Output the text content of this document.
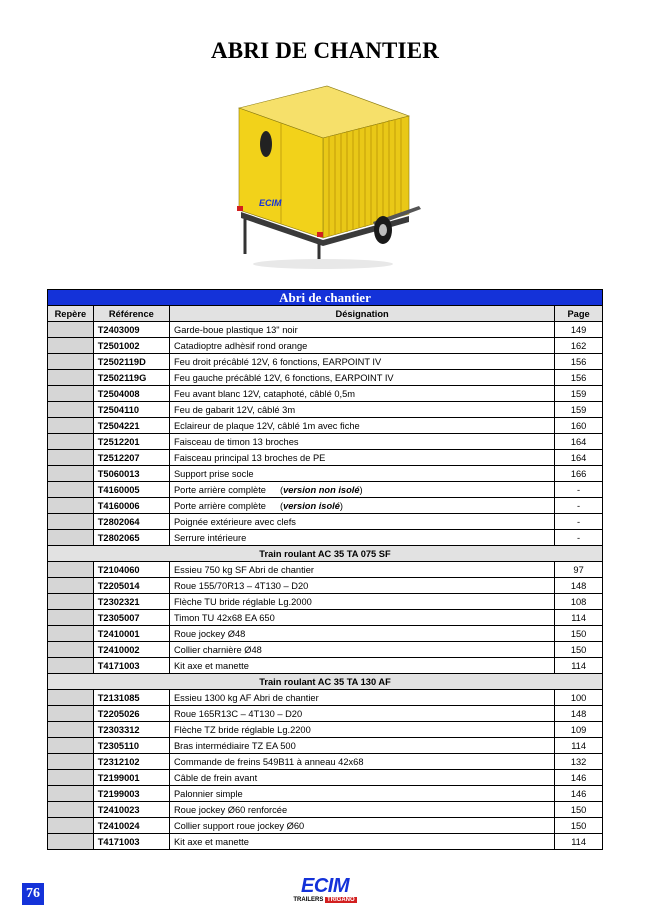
ABRI DE CHANTIER
ECIM
Abri de chantier			
Repère	Référence	Désignation	Page
	T2403009	Garde-boue plastique 13" noir	149
	T2501002	Catadioptre adhèsif rond orange	162
	T2502119D	Feu droit précâblé 12V, 6 fonctions, EARPOINT IV	156
	T2502119G	Feu gauche précâblé 12V, 6 fonctions, EARPOINT IV	156
	T2504008	Feu avant blanc 12V, cataphoté, câblé 0,5m	159
	T2504110	Feu de gabarit 12V, câblé 3m	159
	T2504221	Eclaireur de plaque 12V, câblé 1m avec fiche	160
	T2512201	Faisceau de timon 13 broches	164
	T2512207	Faisceau principal 13 broches de PE	164
	T5060013	Support prise socle	166
	T4160005	Porte arrière complète (version non isolé)	-
	T4160006	Porte arrière complète (version isolé)	-
	T2802064	Poignée extérieure avec clefs	-
	T2802065	Serrure intérieure	-
Train roulant AC 35 TA 075 SF			
	T2104060	Essieu 750 kg SF Abri de chantier	97
	T2205014	Roue 155/70R13 – 4T130 – D20	148
	T2302321	Flèche TU bride réglable Lg.2000	108
	T2305007	Timon TU 42x68 EA 650	114
	T2410001	Roue jockey Ø48	150
	T2410002	Collier charnière Ø48	150
	T4171003	Kit axe et manette	114
Train roulant AC 35 TA 130 AF			
	T2131085	Essieu 1300 kg AF Abri de chantier	100
	T2205026	Roue 165R13C – 4T130 – D20	148
	T2303312	Flèche TZ bride réglable Lg.2200	109
	T2305110	Bras intermédiaire TZ EA 500	114
	T2312102	Commande de freins 549B11 à anneau 42x68	132
	T2199001	Câble de frein avant	146
	T2199003	Palonnier simple	146
	T2410023	Roue jockey Ø60 renforcée	150
	T2410024	Collier support roue jockey Ø60	150
	T4171003	Kit axe et manette	114
76	ECIM
TRAILERS TRIGANO
